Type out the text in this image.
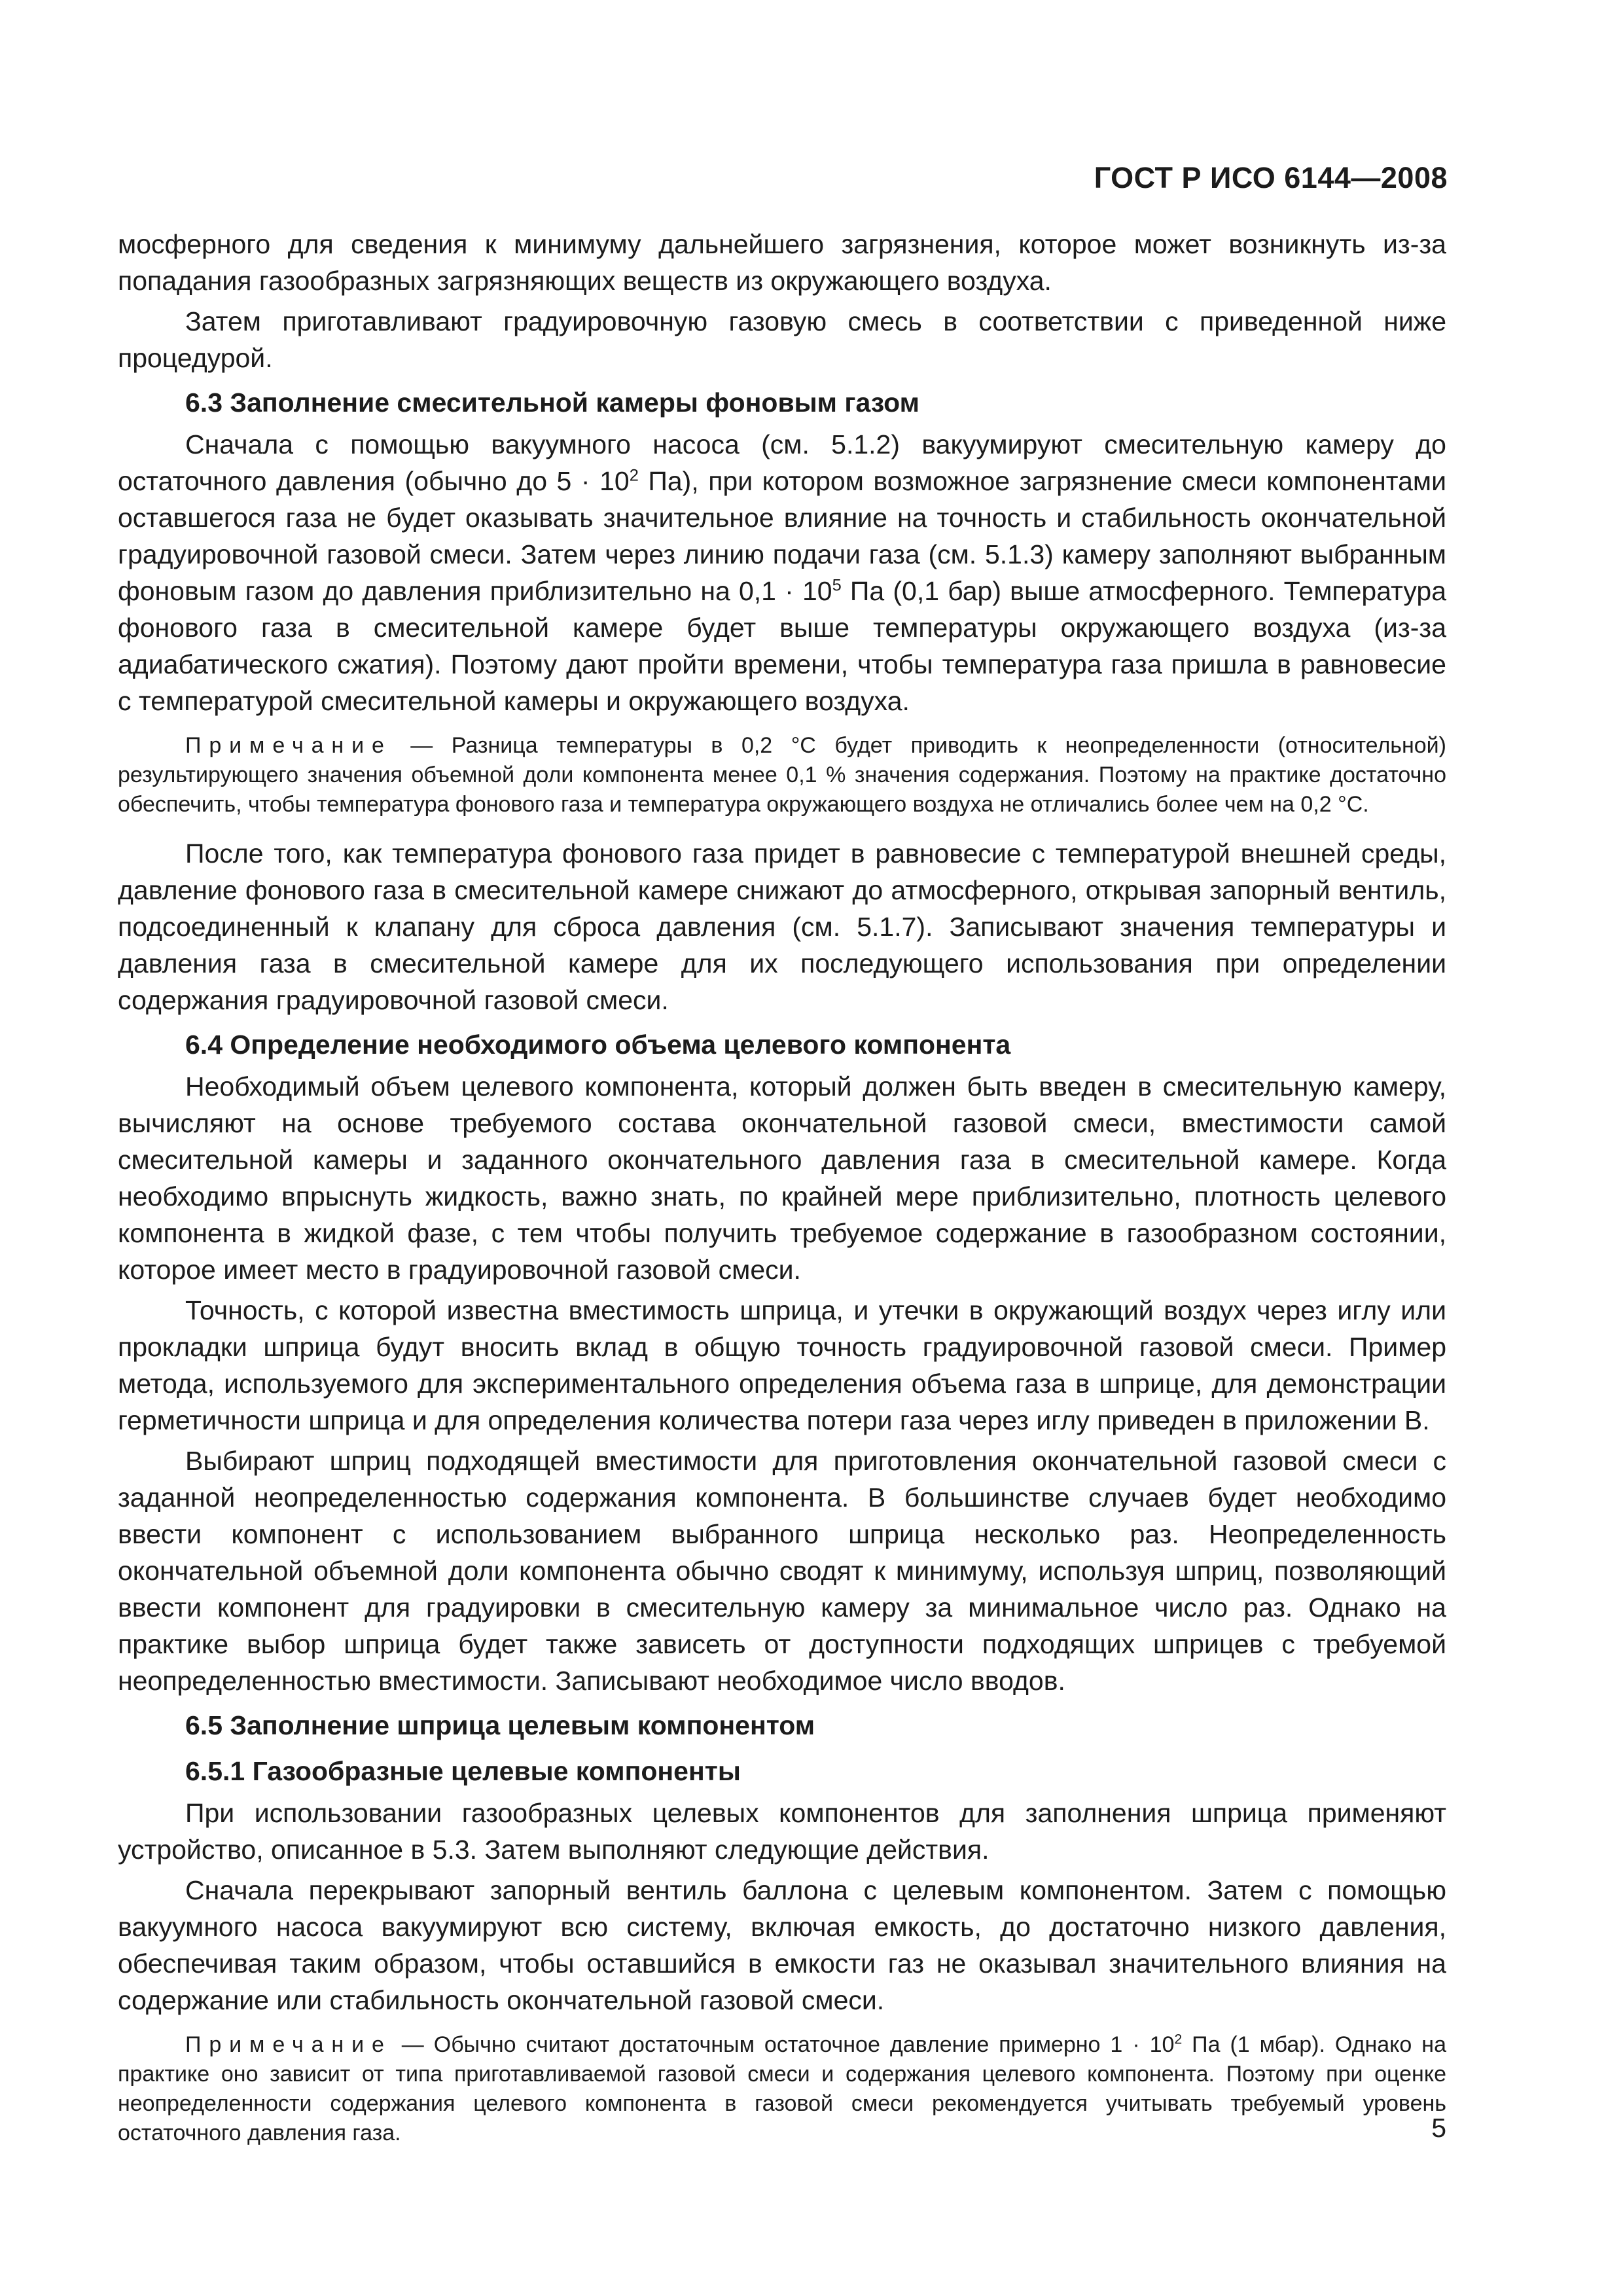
ГОСТ Р ИСО 6144—2008

мосферного для сведения к минимуму дальнейшего загрязнения, которое может возникнуть из-за попадания газообразных загрязняющих веществ из окружающего воздуха.

Затем приготавливают градуировочную газовую смесь в соответствии с приведенной ниже процедурой.

6.3 Заполнение смесительной камеры фоновым газом

Сначала с помощью вакуумного насоса (см. 5.1.2) вакуумируют смесительную камеру до остаточного давления (обычно до $5 \cdot 10^2$ Па), при котором возможное загрязнение смеси компонентами оставшегося газа не будет оказывать значительное влияние на точность и стабильность окончательной градуировочной газовой смеси. Затем через линию подачи газа (см. 5.1.3) камеру заполняют выбранным фоновым газом до давления приблизительно на $0,1 \cdot 10^5$ Па (0,1 бар) выше атмосферного. Температура фонового газа в смесительной камере будет выше температуры окружающего воздуха (из-за адиабатического сжатия). Поэтому дают пройти времени, чтобы температура газа пришла в равновесие с температурой смесительной камеры и окружающего воздуха.

Примечание — Разница температуры в 0,2 °С будет приводить к неопределенности (относительной) результирующего значения объемной доли компонента менее 0,1 % значения содержания. Поэтому на практике достаточно обеспечить, чтобы температура фонового газа и температура окружающего воздуха не отличались более чем на 0,2 °С.

После того, как температура фонового газа придет в равновесие с температурой внешней среды, давление фонового газа в смесительной камере снижают до атмосферного, открывая запорный вентиль, подсоединенный к клапану для сброса давления (см. 5.1.7). Записывают значения температуры и давления газа в смесительной камере для их последующего использования при определении содержания градуировочной газовой смеси.

6.4 Определение необходимого объема целевого компонента

Необходимый объем целевого компонента, который должен быть введен в смесительную камеру, вычисляют на основе требуемого состава окончательной газовой смеси, вместимости самой смесительной камеры и заданного окончательного давления газа в смесительной камере. Когда необходимо впрыснуть жидкость, важно знать, по крайней мере приблизительно, плотность целевого компонента в жидкой фазе, с тем чтобы получить требуемое содержание в газообразном состоянии, которое имеет место в градуировочной газовой смеси.

Точность, с которой известна вместимость шприца, и утечки в окружающий воздух через иглу или прокладки шприца будут вносить вклад в общую точность градуировочной газовой смеси. Пример метода, используемого для экспериментального определения объема газа в шприце, для демонстрации герметичности шприца и для определения количества потери газа через иглу приведен в приложении В.

Выбирают шприц подходящей вместимости для приготовления окончательной газовой смеси с заданной неопределенностью содержания компонента. В большинстве случаев будет необходимо ввести компонент с использованием выбранного шприца несколько раз. Неопределенность окончательной объемной доли компонента обычно сводят к минимуму, используя шприц, позволяющий ввести компонент для градуировки в смесительную камеру за минимальное число раз. Однако на практике выбор шприца будет также зависеть от доступности подходящих шприцев с требуемой неопределенностью вместимости. Записывают необходимое число вводов.

6.5 Заполнение шприца целевым компонентом
6.5.1 Газообразные целевые компоненты

При использовании газообразных целевых компонентов для заполнения шприца применяют устройство, описанное в 5.3. Затем выполняют следующие действия.

Сначала перекрывают запорный вентиль баллона с целевым компонентом. Затем с помощью вакуумного насоса вакуумируют всю систему, включая емкость, до достаточно низкого давления, обеспечивая таким образом, чтобы оставшийся в емкости газ не оказывал значительного влияния на содержание или стабильность окончательной газовой смеси.

Примечание — Обычно считают достаточным остаточное давление примерно $1 \cdot 10^2$ Па (1 мбар). Однако на практике оно зависит от типа приготавливаемой газовой смеси и содержания целевого компонента. Поэтому при оценке неопределенности содержания целевого компонента в газовой смеси рекомендуется учитывать требуемый уровень остаточного давления газа.	5
